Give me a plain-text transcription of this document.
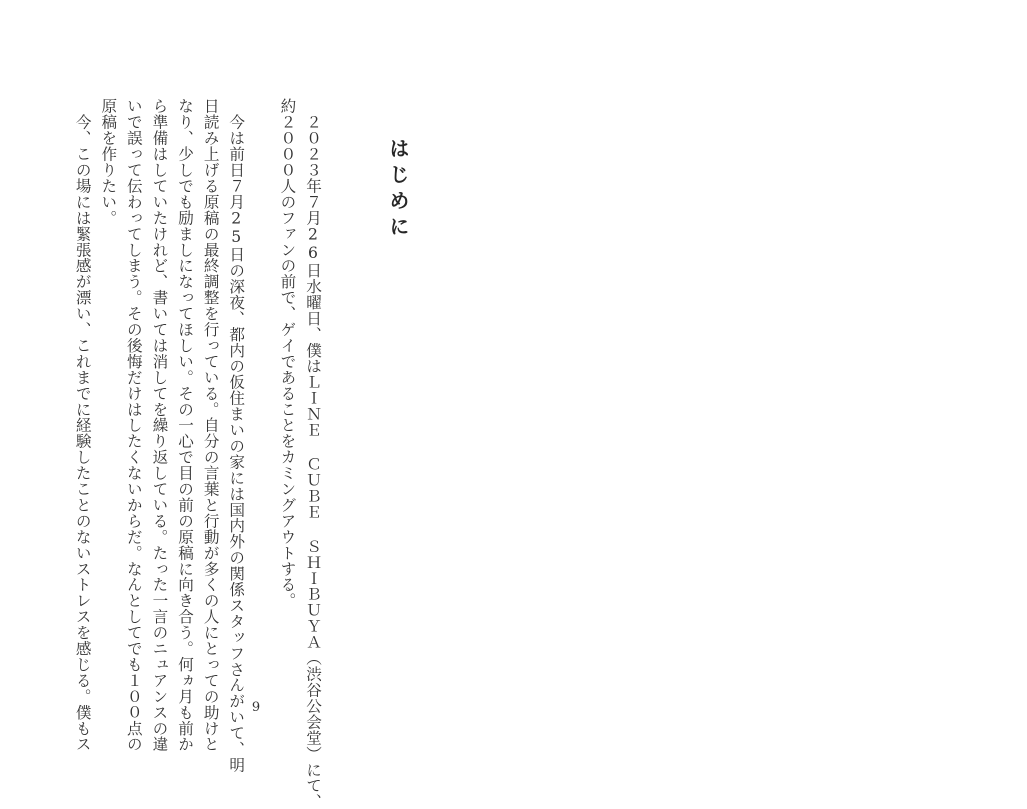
はじめに

　２０２３年７月26日水曜日、僕はＬＩＮＥ ＣＵＢＥ ＳＨＩＢＵＹＡ（渋谷公会堂）にて、
約２０００人のファンの前で、ゲイであることをカミングアウトする。

　今は前日７月25日の深夜、都内の仮住まいの家には国内外の関係スタッフさんがいて、明
日読み上げる原稿の最終調整を行っている。自分の言葉と行動が多くの人にとっての助けと
なり、少しでも励ましになってほしい。その一心で目の前の原稿に向き合う。何ヵ月も前か
ら準備はしていたけれど、書いては消してを繰り返している。たった一言のニュアンスの違
いで誤って伝わってしまう。その後悔だけはしたくないからだ。なんとしてでも１００点の
原稿を作りたい。
　今、この場には緊張感が漂い、これまでに経験したことのないストレスを感じる。僕もス	9
